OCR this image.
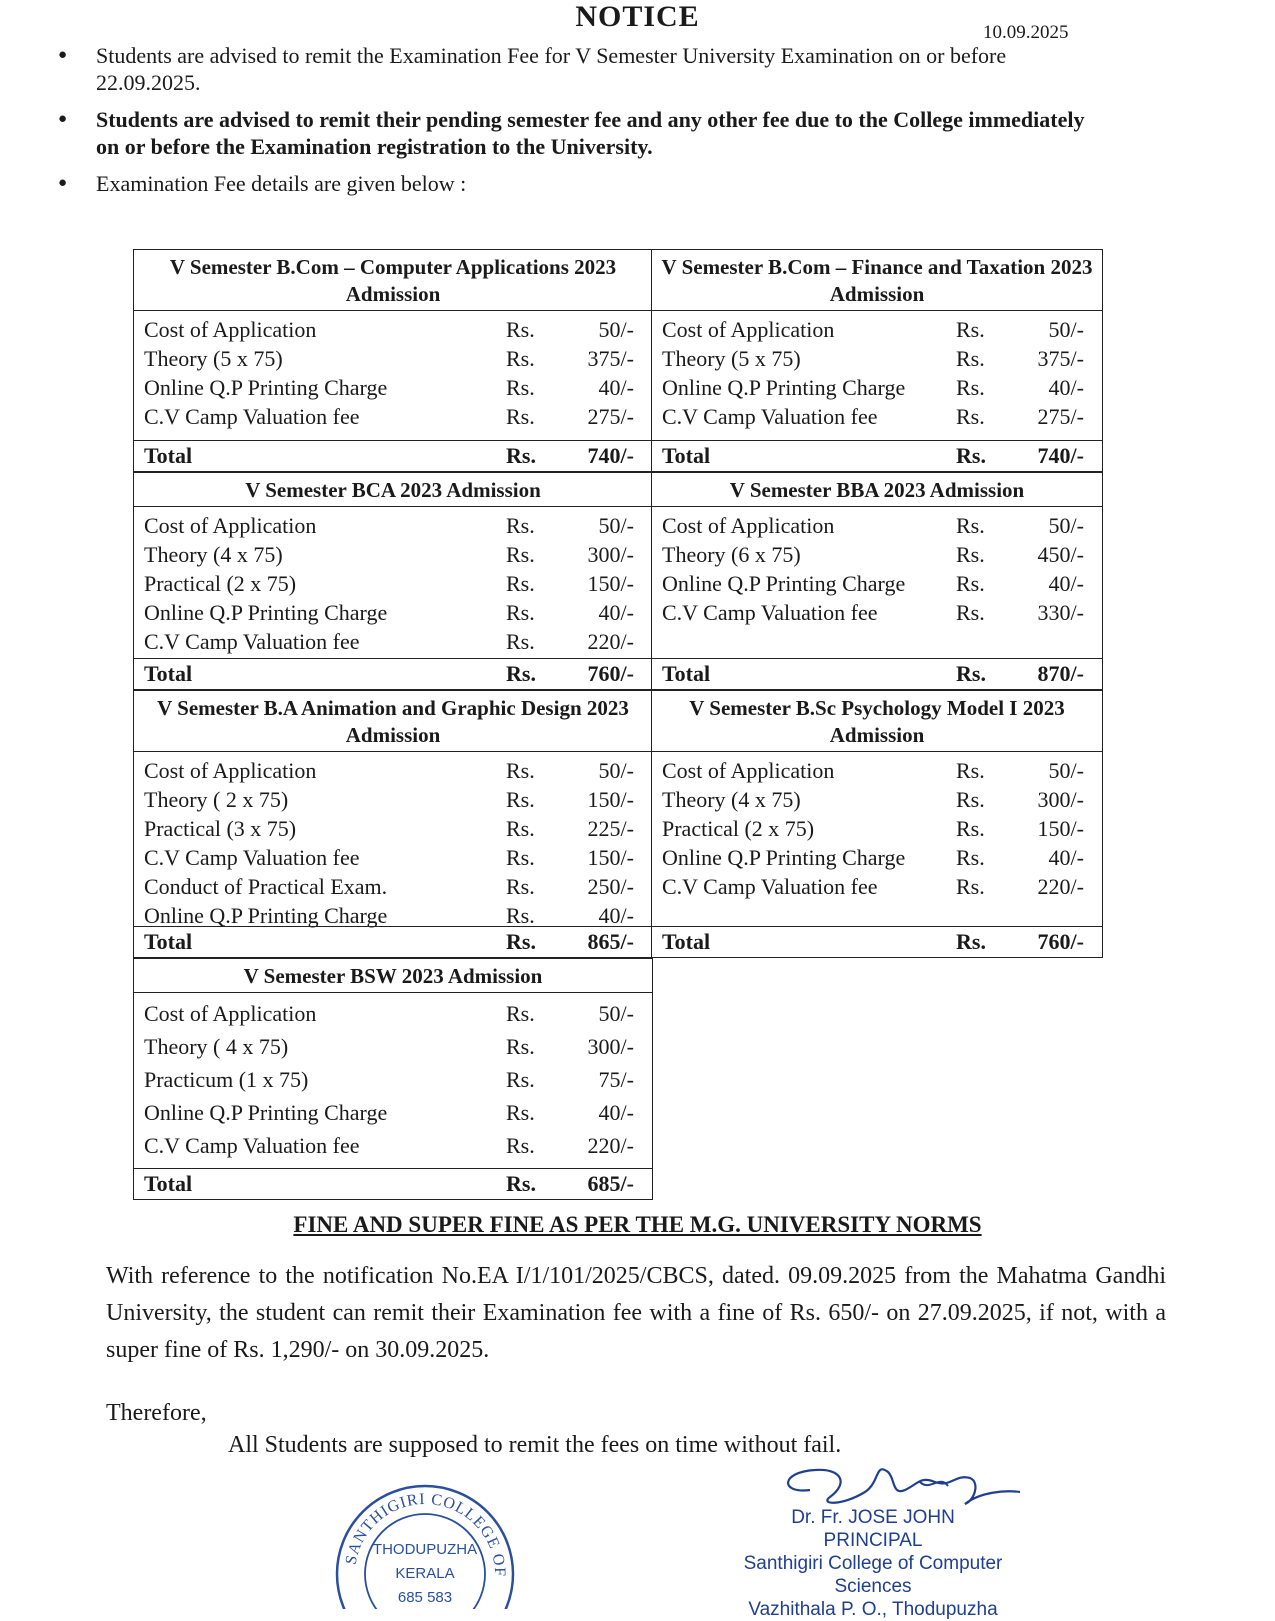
NOTICE	10.09.2025
● Students are advised to remit the Examination Fee for V Semester University Examination on or before 22.09.2025.
● Students are advised to remit their pending semester fee and any other fee due to the College immediately on or before the Examination registration to the University.
● Examination Fee details are given below :
V Semester B.Com – Computer Applications 2023 Admission
Cost of Application	Rs.	50/-
Theory (5 x 75)	Rs.	375/-
Online Q.P Printing Charge	Rs.	40/-
C.V Camp Valuation fee	Rs.	275/-
Total	Rs.	740/-
V Semester B.Com – Finance and Taxation 2023 Admission
Cost of Application	Rs.	50/-
Theory (5 x 75)	Rs.	375/-
Online Q.P Printing Charge	Rs.	40/-
C.V Camp Valuation fee	Rs.	275/-
Total	Rs.	740/-
V Semester BCA 2023 Admission
Cost of Application	Rs.	50/-
Theory (4 x 75)	Rs.	300/-
Practical (2 x 75)	Rs.	150/-
Online Q.P Printing Charge	Rs.	40/-
C.V Camp Valuation fee	Rs.	220/-
Total	Rs.	760/-
V Semester BBA 2023 Admission
Cost of Application	Rs.	50/-
Theory (6 x 75)	Rs.	450/-
Online Q.P Printing Charge	Rs.	40/-
C.V Camp Valuation fee	Rs.	330/-
Total	Rs.	870/-
V Semester B.A Animation and Graphic Design 2023 Admission
Cost of Application	Rs.	50/-
Theory ( 2 x 75)	Rs.	150/-
Practical (3 x 75)	Rs.	225/-
C.V Camp Valuation fee	Rs.	150/-
Conduct of Practical Exam.	Rs.	250/-
Online Q.P Printing Charge	Rs.	40/-
Total	Rs.	865/-
V Semester B.Sc Psychology Model I 2023 Admission
Cost of Application	Rs.	50/-
Theory (4 x 75)	Rs.	300/-
Practical (2 x 75)	Rs.	150/-
Online Q.P Printing Charge	Rs.	40/-
C.V Camp Valuation fee	Rs.	220/-
Total	Rs.	760/-
V Semester BSW 2023 Admission
Cost of Application	Rs.	50/-
Theory ( 4 x 75)	Rs.	300/-
Practicum (1 x 75)	Rs.	75/-
Online Q.P Printing Charge	Rs.	40/-
C.V Camp Valuation fee	Rs.	220/-
Total	Rs.	685/-
FINE AND SUPER FINE AS PER THE M.G. UNIVERSITY NORMS

With reference to the notification No.EA I/1/101/2025/CBCS, dated. 09.09.2025 from the Mahatma Gandhi University, the student can remit their Examination fee with a fine of Rs. 650/- on 27.09.2025, if not, with a super fine of Rs. 1,290/- on 30.09.2025.

Therefore,
All Students are supposed to remit the fees on time without fail.
SANTHIGIRI COLLEGE OF
THODUPUZHA
KERALA
685 583
Dr. Fr. JOSE JOHN
PRINCIPAL
Santhigiri College of Computer Sciences
Vazhithala P. O., Thodupuzha
